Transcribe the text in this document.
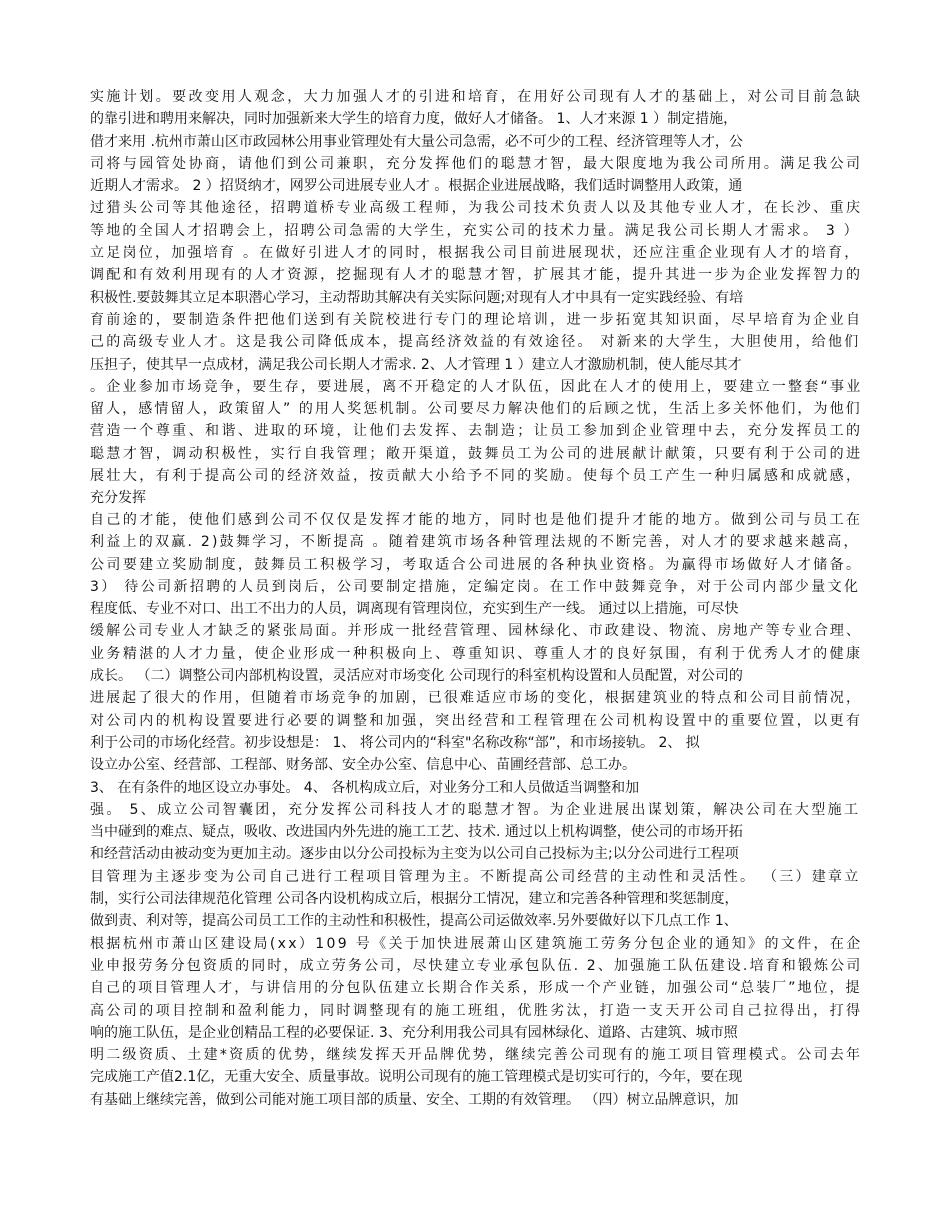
实施计划。要改变用人观念，大力加强人才的引进和培育，在用好公司现有人才的基础上，对公司目前急缺
的靠引进和聘用来解决，同时加强新来大学生的培育力度，做好人才储备。 1、人才来源 1 ）制定措施，
借才来用 .杭州市萧山区市政园林公用事业管理处有大量公司急需，必不可少的工程、经济管理等人才，公
司将与园管处协商，请他们到公司兼职，充分发挥他们的聪慧才智，最大限度地为我公司所用。满足我公司
近期人才需求。 2 ）招贤纳才，网罗公司进展专业人才 。根据企业进展战略，我们适时调整用人政策，通
过猎头公司等其他途径，招聘道桥专业高级工程师，为我公司技术负责人以及其他专业人才，在长沙、重庆
等地的全国人才招聘会上，招聘公司急需的大学生，充实公司的技术力量。满足我公司长期人才需求。 3 ）
立足岗位，加强培育 。在做好引进人才的同时，根据我公司目前进展现状，还应注重企业现有人才的培育，
调配和有效利用现有的人才资源，挖掘现有人才的聪慧才智，扩展其才能，提升其进一步为企业发挥智力的
积极性.要鼓舞其立足本职潜心学习，主动帮助其解决有关实际问题;对现有人才中具有一定实践经验、有培
育前途的，要制造条件把他们送到有关院校进行专门的理论培训，进一步拓宽其知识面，尽早培育为企业自
己的高级专业人才。这是我公司降低成本，提高经济效益的有效途径。 对新来的大学生，大胆使用，给他们
压担子，使其早一点成材，满足我公司长期人才需求. 2、人才管理 1 ）建立人才激励机制，使人能尽其才
。企业参加市场竞争，要生存，要进展，离不开稳定的人才队伍，因此在人才的使用上，要建立一整套“事业
留人，感情留人，政策留人” 的用人奖惩机制。公司要尽力解决他们的后顾之忧，生活上多关怀他们，为他们
营造一个尊重、和谐、进取的环境，让他们去发挥、去制造；让员工参加到企业管理中去，充分发挥员工的
聪慧才智，调动积极性，实行自我管理；敞开渠道，鼓舞员工为公司的进展献计献策，只要有利于公司的进
展壮大，有利于提高公司的经济效益，按贡献大小给予不同的奖励。使每个员工产生一种归属感和成就感，
充分发挥
自己的才能，使他们感到公司不仅仅是发挥才能的地方，同时也是他们提升才能的地方。做到公司与员工在
利益上的双赢. 2)鼓舞学习，不断提高 。随着建筑市场各种管理法规的不断完善，对人才的要求越来越高，
公司要建立奖励制度，鼓舞员工积极学习，考取适合公司进展的各种执业资格。为赢得市场做好人才储备。
3） 待公司新招聘的人员到岗后，公司要制定措施，定编定岗。在工作中鼓舞竞争，对于公司内部少量文化
程度低、专业不对口、出工不出力的人员，调离现有管理岗位，充实到生产一线。 通过以上措施，可尽快
缓解公司专业人才缺乏的紧张局面。并形成一批经营管理、园林绿化、市政建设、物流、房地产等专业合理、
业务精湛的人才力量，使企业形成一种积极向上、尊重知识、尊重人才的良好氛围，有利于优秀人才的健康
成长。 （二）调整公司内部机构设置，灵活应对市场变化 公司现行的科室机构设置和人员配置，对公司的
进展起了很大的作用，但随着市场竞争的加剧，已很难适应市场的变化，根据建筑业的特点和公司目前情况，
对公司内的机构设置要进行必要的调整和加强，突出经营和工程管理在公司机构设置中的重要位置，以更有
利于公司的市场化经营。初步设想是： 1、 将公司内的“科室"名称改称“部”，和市场接轨。 2、 拟
设立办公室、经营部、工程部、财务部、安全办公室、信息中心、苗圃经营部、总工办。
3、 在有条件的地区设立办事处。 4、 各机构成立后，对业务分工和人员做适当调整和加
强。 5、成立公司智囊团，充分发挥公司科技人才的聪慧才智。为企业进展出谋划策，解决公司在大型施工
当中碰到的难点、疑点，吸收、改进国内外先进的施工工艺、技术. 通过以上机构调整，使公司的市场开拓
和经营活动由被动变为更加主动。逐步由以分公司投标为主变为以公司自己投标为主;以分公司进行工程项
目管理为主逐步变为公司自己进行工程项目管理为主。不断提高公司经营的主动性和灵活性。 （三）建章立
制，实行公司法律规范化管理 公司各内设机构成立后，根据分工情况，建立和完善各种管理和奖惩制度，
做到责、利对等，提高公司员工工作的主动性和积极性，提高公司运做效率.另外要做好以下几点工作 1、
根据杭州市萧山区建设局(xx）109 号《关于加快进展萧山区建筑施工劳务分包企业的通知》的文件，在企
业申报劳务分包资质的同时，成立劳务公司，尽快建立专业承包队伍. 2、加强施工队伍建设.培育和锻炼公司
自己的项目管理人才，与讲信用的分包队伍建立长期合作关系，形成一个产业链，加强公司“总装厂”地位，提
高公司的项目控制和盈利能力，同时调整现有的施工班组，优胜劣汰，打造一支天开公司自己拉得出，打得
响的施工队伍，是企业创精品工程的必要保证. 3、充分利用我公司具有园林绿化、道路、古建筑、城市照
明二级资质、土建*资质的优势，继续发挥天开品牌优势，继续完善公司现有的施工项目管理模式。公司去年
完成施工产值2.1亿，无重大安全、质量事故。说明公司现有的施工管理模式是切实可行的，今年，要在现
有基础上继续完善，做到公司能对施工项目部的质量、安全、工期的有效管理。 （四）树立品牌意识，加
